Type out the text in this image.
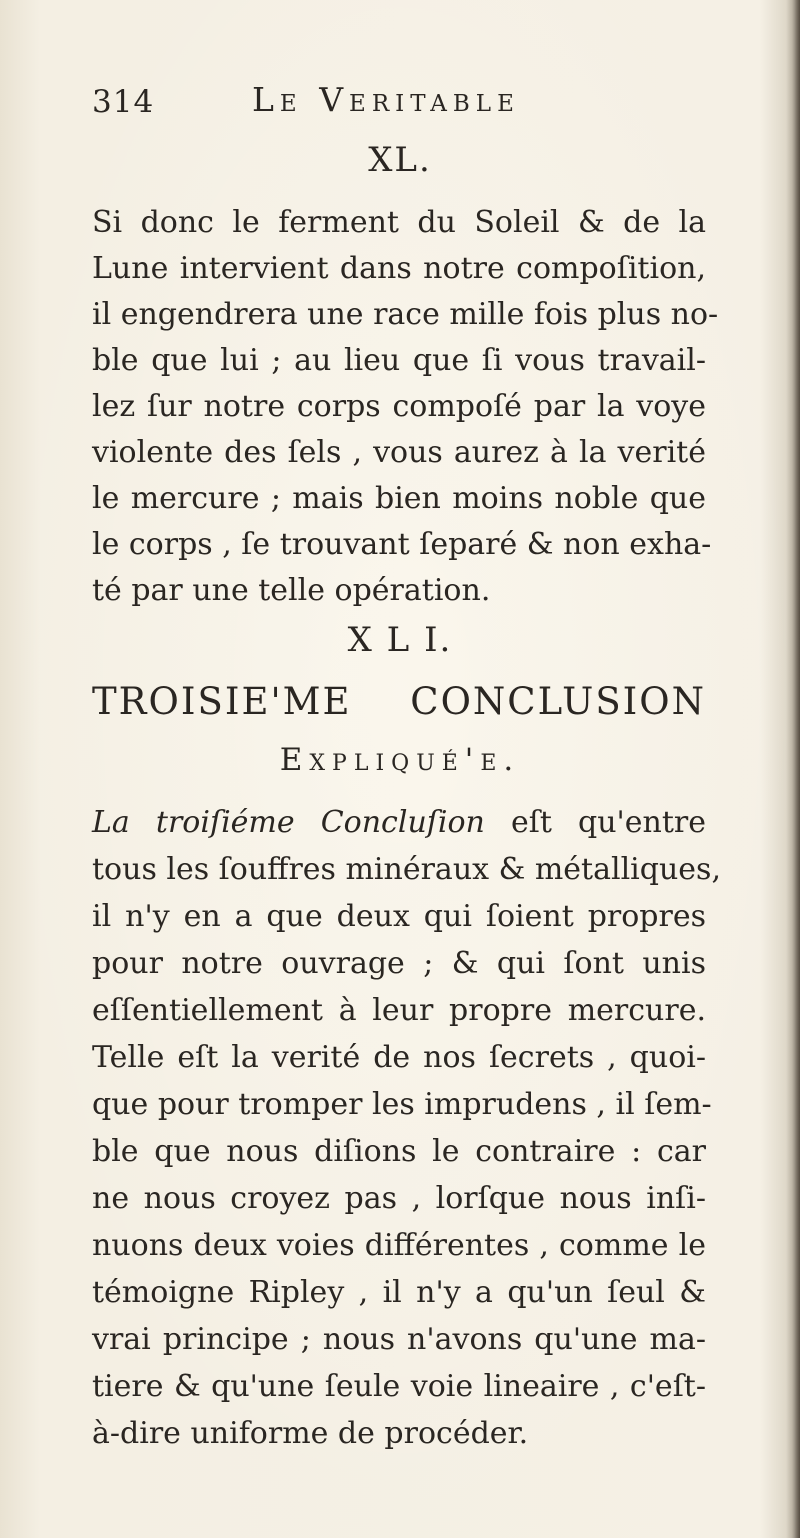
314	Le Veritable
XL.
Si donc le ferment du Soleil & de la
Lune intervient dans notre compoſition,
il engendrera une race mille fois plus no-
ble que lui ; au lieu que ſi vous travail-
lez ſur notre corps compoſé par la voye
violente des ſels , vous aurez à la verité
le mercure ; mais bien moins noble que
le corps , ſe trouvant ſeparé & non exha-
té par une telle opération.
X L I.
TROISIE'ME CONCLUSION
Expliqué'e.
La troiſiéme Concluſion eſt qu'entre
tous les ſouffres minéraux & métalliques,
il n'y en a que deux qui ſoient propres
pour notre ouvrage ; & qui ſont unis
eſſentiellement à leur propre mercure.
Telle eſt la verité de nos ſecrets , quoi-
que pour tromper les imprudens , il ſem-
ble que nous diſions le contraire : car
ne nous croyez pas , lorſque nous inſi-
nuons deux voies différentes , comme le
témoigne Ripley , il n'y a qu'un ſeul &
vrai principe ; nous n'avons qu'une ma-
tiere & qu'une ſeule voie lineaire , c'eſt-
à-dire uniforme de procéder.
